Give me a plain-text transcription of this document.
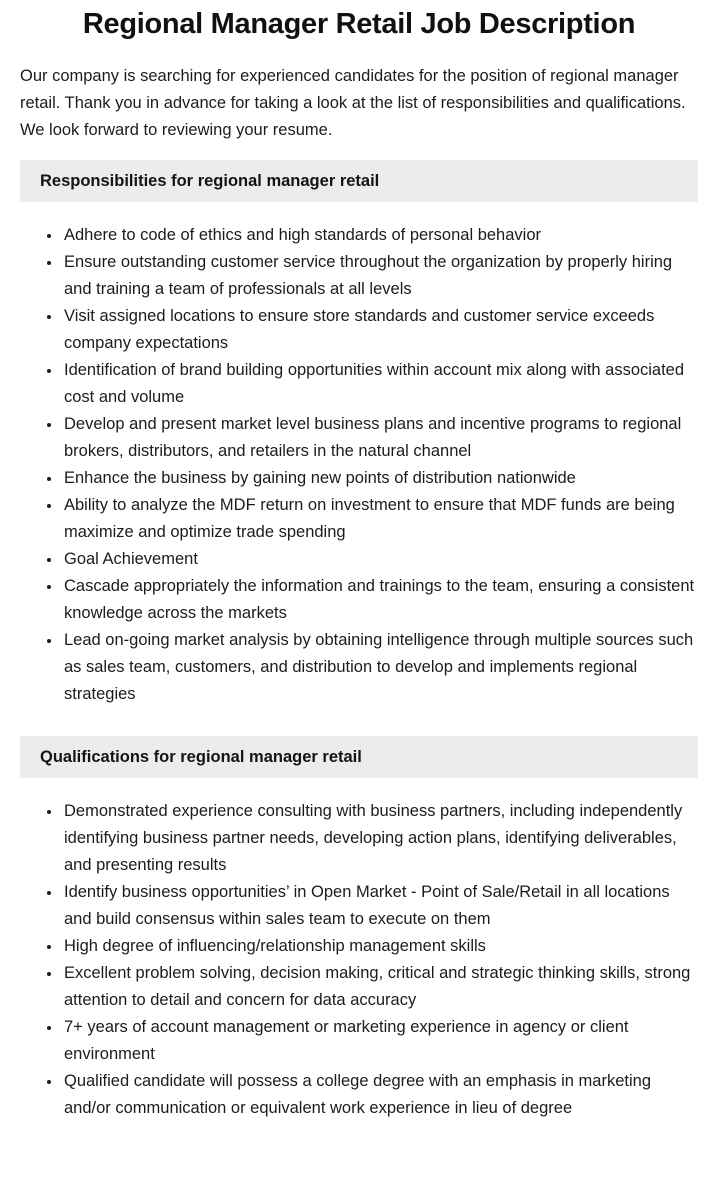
Regional Manager Retail Job Description

Our company is searching for experienced candidates for the position of regional manager retail. Thank you in advance for taking a look at the list of responsibilities and qualifications. We look forward to reviewing your resume.

Responsibilities for regional manager retail
• Adhere to code of ethics and high standards of personal behavior
• Ensure outstanding customer service throughout the organization by properly hiring and training a team of professionals at all levels
• Visit assigned locations to ensure store standards and customer service exceeds company expectations
• Identification of brand building opportunities within account mix along with associated cost and volume
• Develop and present market level business plans and incentive programs to regional brokers, distributors, and retailers in the natural channel
• Enhance the business by gaining new points of distribution nationwide
• Ability to analyze the MDF return on investment to ensure that MDF funds are being maximize and optimize trade spending
• Goal Achievement
• Cascade appropriately the information and trainings to the team, ensuring a consistent knowledge across the markets
• Lead on-going market analysis by obtaining intelligence through multiple sources such as sales team, customers, and distribution to develop and implements regional strategies
Qualifications for regional manager retail
• Demonstrated experience consulting with business partners, including independently identifying business partner needs, developing action plans, identifying deliverables, and presenting results
• Identify business opportunities’ in Open Market - Point of Sale/Retail in all locations and build consensus within sales team to execute on them
• High degree of influencing/relationship management skills
• Excellent problem solving, decision making, critical and strategic thinking skills, strong attention to detail and concern for data accuracy
• 7+ years of account management or marketing experience in agency or client environment
• Qualified candidate will possess a college degree with an emphasis in marketing and/or communication or equivalent work experience in lieu of degree
